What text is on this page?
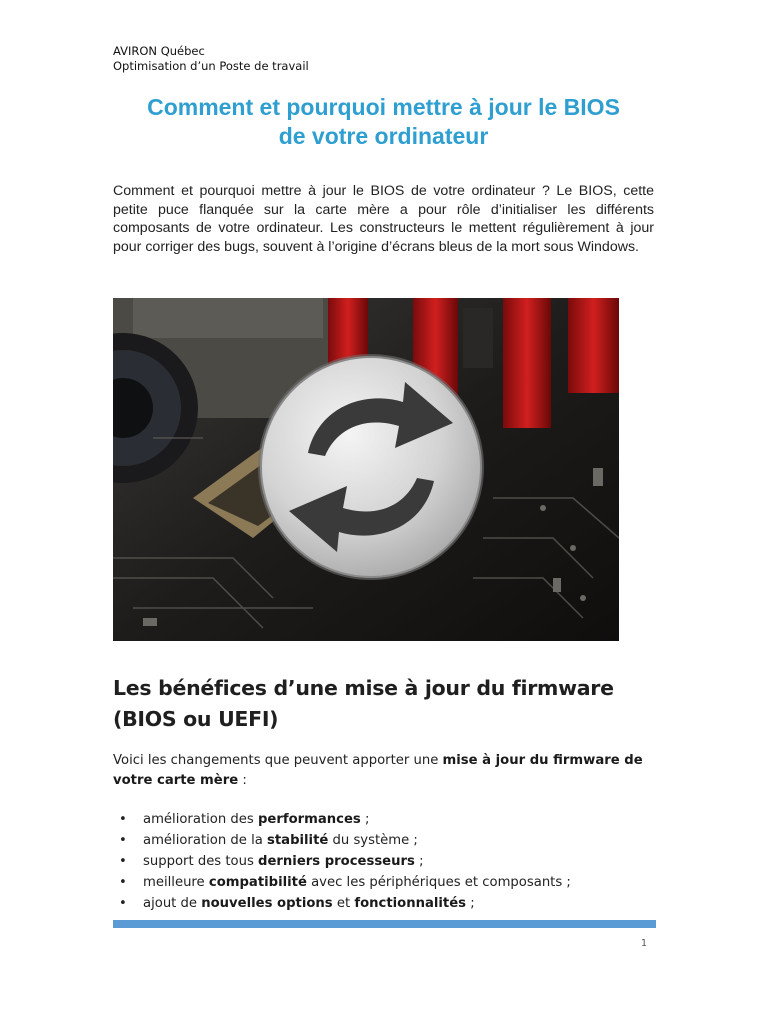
AVIRON Québec
Optimisation d’un Poste de travail
Comment et pourquoi mettre à jour le BIOS
de votre ordinateur

Comment et pourquoi mettre à jour le BIOS de votre ordinateur ? Le BIOS, cette petite puce flanquée sur la carte mère a pour rôle d’initialiser les différents composants de votre ordinateur. Les constructeurs le mettent régulièrement à jour pour corriger des bugs, souvent à l’origine d’écrans bleus de la mort sous Windows.

Les bénéfices d’une mise à jour du firmware (BIOS ou UEFI)

Voici les changements que peuvent apporter une mise à jour du firmware de votre carte mère :

• amélioration des performances ;
• amélioration de la stabilité du système ;
• support des tous derniers processeurs ;
• meilleure compatibilité avec les périphériques et composants ;
• ajout de nouvelles options et fonctionnalités ;
1
